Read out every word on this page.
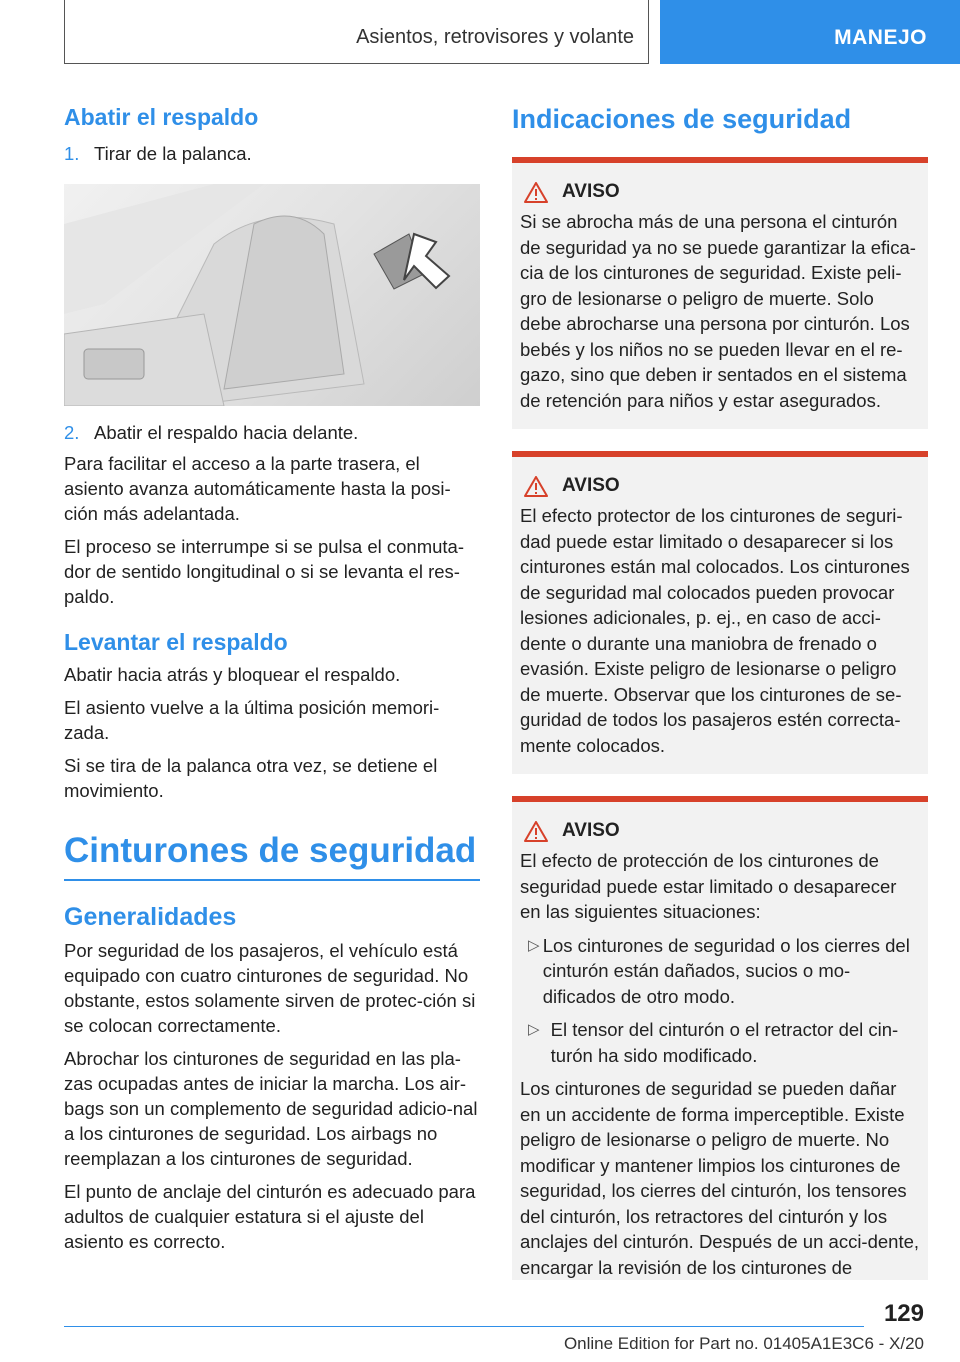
Asientos, retrovisores y volante	MANEJO
Abatir el respaldo
1. Tirar de la palanca.
2. Abatir el respaldo hacia delante.

Para facilitar el acceso a la parte trasera, el asiento avanza automáticamente hasta la posi-ción más adelantada.

El proceso se interrumpe si se pulsa el conmuta-dor de sentido longitudinal o si se levanta el res-paldo.

Levantar el respaldo

Abatir hacia atrás y bloquear el respaldo.

El asiento vuelve a la última posición memori-zada.

Si se tira de la palanca otra vez, se detiene el movimiento.

Cinturones de seguridad
Generalidades

Por seguridad de los pasajeros, el vehículo está equipado con cuatro cinturones de seguridad. No obstante, estos solamente sirven de protec-ción si se colocan correctamente.

Abrochar los cinturones de seguridad en las pla-zas ocupadas antes de iniciar la marcha. Los air-bags son un complemento de seguridad adicio-nal a los cinturones de seguridad. Los airbags no reemplazan a los cinturones de seguridad.

El punto de anclaje del cinturón es adecuado para adultos de cualquier estatura si el ajuste del asiento es correcto.

Indicaciones de seguridad
AVISO

Si se abrocha más de una persona el cinturón de seguridad ya no se puede garantizar la efica-cia de los cinturones de seguridad. Existe peli-gro de lesionarse o peligro de muerte. Solo debe abrocharse una persona por cinturón. Los bebés y los niños no se pueden llevar en el re-gazo, sino que deben ir sentados en el sistema de retención para niños y estar asegurados.

AVISO

El efecto protector de los cinturones de seguri-dad puede estar limitado o desaparecer si los cinturones están mal colocados. Los cinturones de seguridad mal colocados pueden provocar lesiones adicionales, p. ej., en caso de acci-dente o durante una maniobra de frenado o evasión. Existe peligro de lesionarse o peligro de muerte. Observar que los cinturones de se-guridad de todos los pasajeros estén correcta-mente colocados.

AVISO

El efecto de protección de los cinturones de seguridad puede estar limitado o desaparecer en las siguientes situaciones:

▷ Los cinturones de seguridad o los cierres del cinturón están dañados, sucios o mo-dificados de otro modo.
▷ El tensor del cinturón o el retractor del cin-turón ha sido modificado.

Los cinturones de seguridad se pueden dañar en un accidente de forma imperceptible. Existe peligro de lesionarse o peligro de muerte. No modificar y mantener limpios los cinturones de seguridad, los cierres del cinturón, los tensores del cinturón, los retractores del cinturón y los anclajes del cinturón. Después de un acci-dente, encargar la revisión de los cinturones de

129
Online Edition for Part no. 01405A1E3C6 - X/20
